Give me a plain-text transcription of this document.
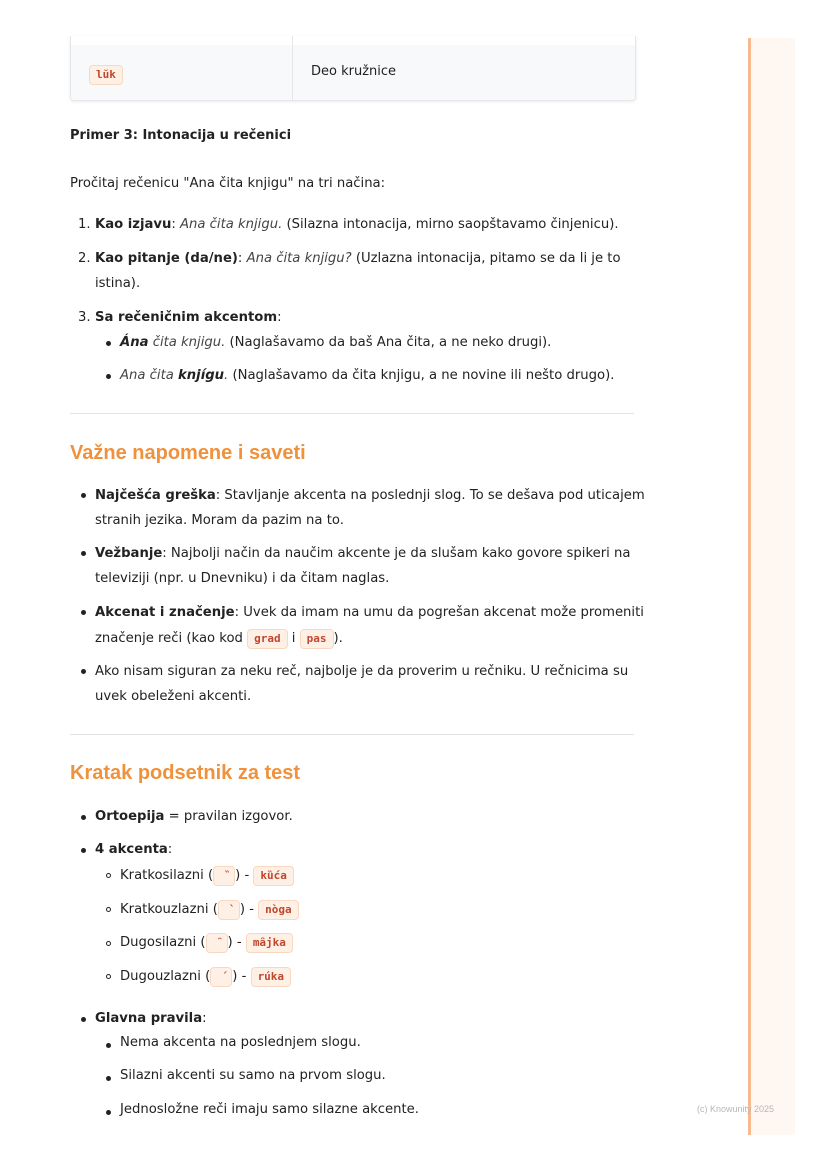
(c) Knowunity 2025
lŭk	Deo kružnice
Primer 3: Intonacija u rečenici
Pročitaj rečenicu "Ana čita knjigu" na tri načina:
1. Kao izjavu: Ana čita knjigu. (Silazna intonacija, mirno saopštavamo činjenicu).
2. Kao pitanje (da/ne): Ana čita knjigu? (Uzlazna intonacija, pitamo se da li je to
istina).
3. Sa rečeničnim akcentom:
Ána čita knjigu. (Naglašavamo da baš Ana čita, a ne neko drugi).
Ana čita knjígu. (Naglašavamo da čita knjigu, a ne novine ili nešto drugo).
Važne napomene i saveti
Najčešća greška: Stavljanje akcenta na poslednji slog. To se dešava pod uticajem
stranih jezika. Moram da pazim na to.
Vežbanje: Najbolji način da naučim akcente je da slušam kako govore spikeri na
televiziji (npr. u Dnevniku) i da čitam naglas.
Akcenat i značenje: Uvek da imam na umu da pogrešan akcenat može promeniti
značenje reči (kao kod grad i pas ).
Ako nisam siguran za neku reč, najbolje je da proverim u rečniku. U rečnicima su
uvek obeleženi akcenti.
Kratak podsetnik za test
Ortoepija = pravilan izgovor.
4 akcenta:
Kratkosilazni ( ) - kȕća
Kratkouzlazni ( ) - nòga
Dugosilazni ( ) - mȃjka
Dugouzlazni ( ) - rúka
Glavna pravila:
Nema akcenta na poslednjem slogu.
Silazni akcenti su samo na prvom slogu.
Jednosložne reči imaju samo silazne akcente.
